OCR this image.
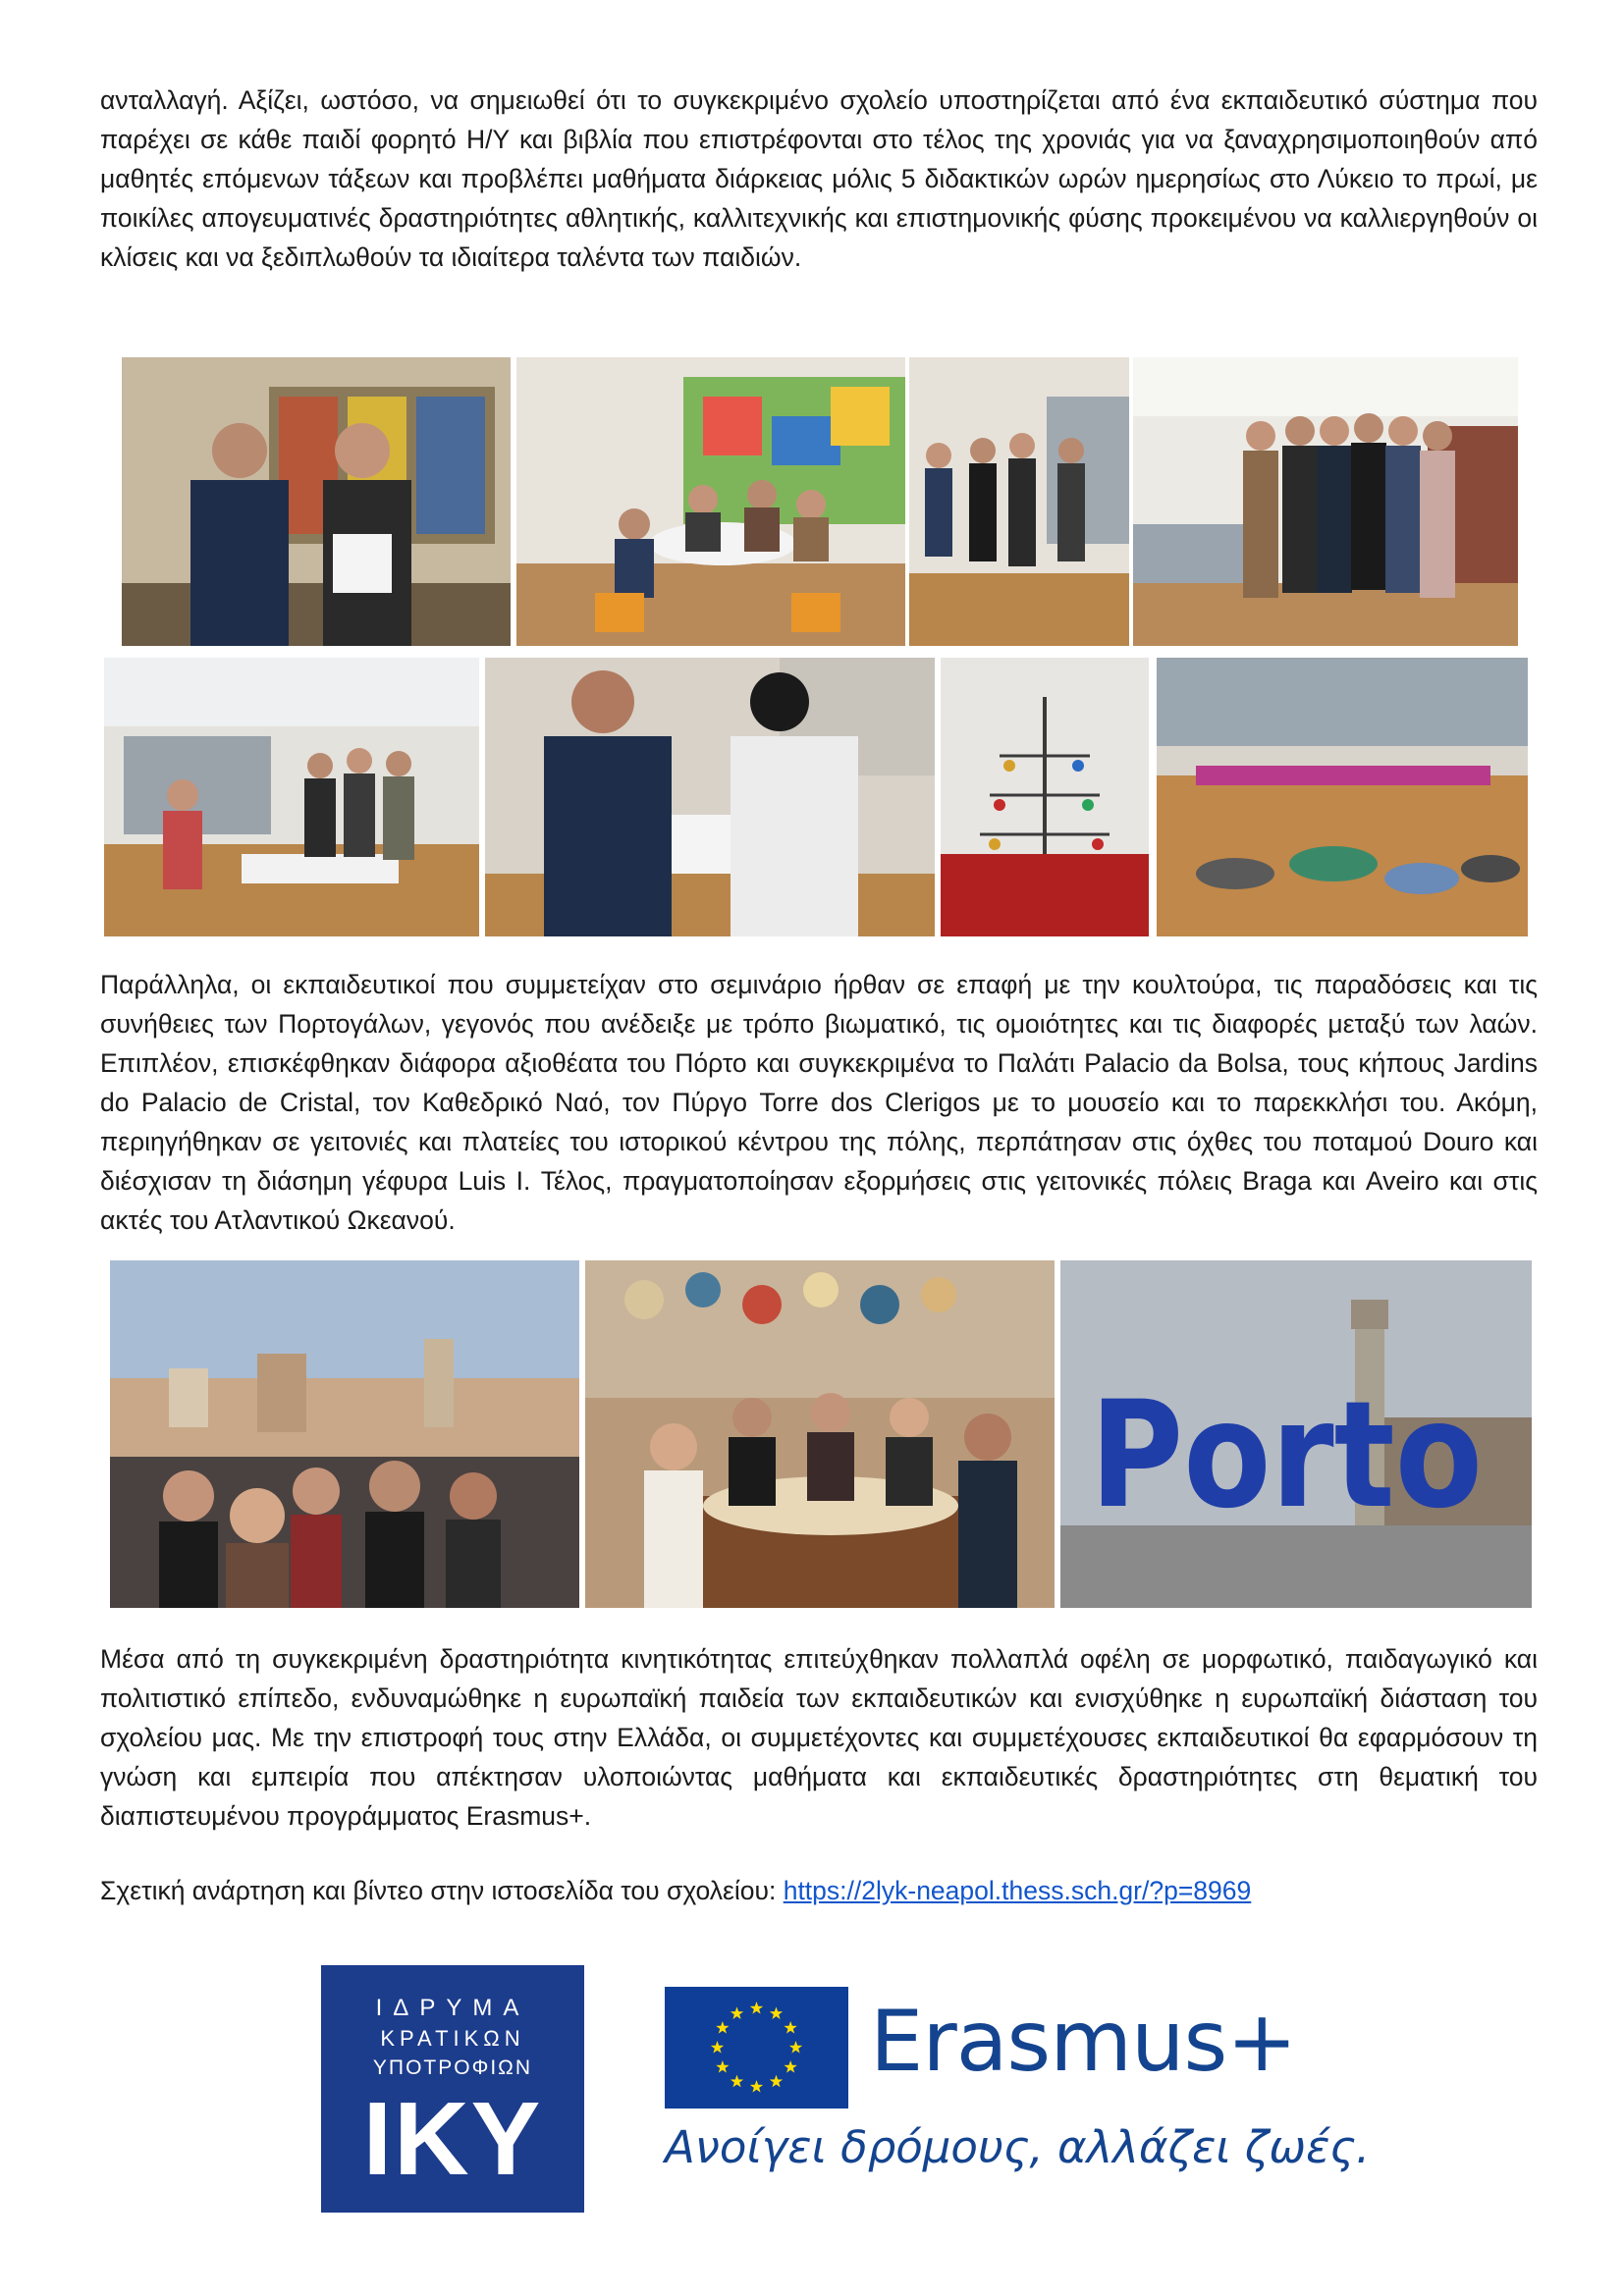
ανταλλαγή. Αξίζει, ωστόσο, να σημειωθεί ότι το συγκεκριμένο σχολείο υποστηρίζεται από ένα εκπαιδευτικό σύστημα που παρέχει σε κάθε παιδί φορητό Η/Υ και βιβλία που επιστρέφονται στο τέλος της χρονιάς για να ξαναχρησιμοποιηθούν από μαθητές επόμενων τάξεων και προβλέπει μαθήματα διάρκειας μόλις 5 διδακτικών ωρών ημερησίως στο Λύκειο το πρωί, με ποικίλες απογευματινές δραστηριότητες αθλητικής, καλλιτεχνικής και επιστημονικής φύσης προκειμένου να καλλιεργηθούν οι κλίσεις και να ξεδιπλωθούν τα ιδιαίτερα ταλέντα των παιδιών.

Παράλληλα, οι εκπαιδευτικοί που συμμετείχαν στο σεμινάριο ήρθαν σε επαφή με την κουλτούρα, τις παραδόσεις και τις συνήθειες των Πορτογάλων, γεγονός που ανέδειξε με τρόπο βιωματικό, τις ομοιότητες και τις διαφορές μεταξύ των λαών. Επιπλέον, επισκέφθηκαν διάφορα αξιοθέατα του Πόρτο και συγκεκριμένα το Παλάτι Palacio da Bolsa, τους κήπους Jardins do Palacio de Cristal, τον Καθεδρικό Ναό, τον Πύργο Torre dos Clerigos με το μουσείο και το παρεκκλήσι του. Ακόμη, περιηγήθηκαν σε γειτονιές και πλατείες του ιστορικού κέντρου της πόλης, περπάτησαν στις όχθες του ποταμού Douro και διέσχισαν τη διάσημη γέφυρα Luis I. Τέλος, πραγματοποίησαν εξορμήσεις στις γειτονικές πόλεις Braga και Aveiro και στις ακτές του Ατλαντικού Ωκεανού.

Porto

Μέσα από τη συγκεκριμένη δραστηριότητα κινητικότητας επιτεύχθηκαν πολλαπλά οφέλη σε μορφωτικό, παιδαγωγικό και πολιτιστικό επίπεδο, ενδυναμώθηκε η ευρωπαϊκή παιδεία των εκπαιδευτικών και ενισχύθηκε η ευρωπαϊκή διάσταση του σχολείου μας. Με την επιστροφή τους στην Ελλάδα, οι συμμετέχοντες και συμμετέχουσες εκπαιδευτικοί θα εφαρμόσουν τη γνώση και εμπειρία που απέκτησαν υλοποιώντας μαθήματα και εκπαιδευτικές δραστηριότητες στη θεματική του διαπιστευμένου προγράμματος Erasmus+.

Σχετική ανάρτηση και βίντεο στην ιστοσελίδα του σχολείου: https://2lyk-neapol.thess.sch.gr/?p=8969
ΙΔΡΥΜΑ
ΚΡΑΤΙΚΩΝ
ΥΠΟΤΡΟΦΙΩΝ
ΙΚΥ
Erasmus+
Ανοίγει δρόμους, αλλάζει ζωές.
